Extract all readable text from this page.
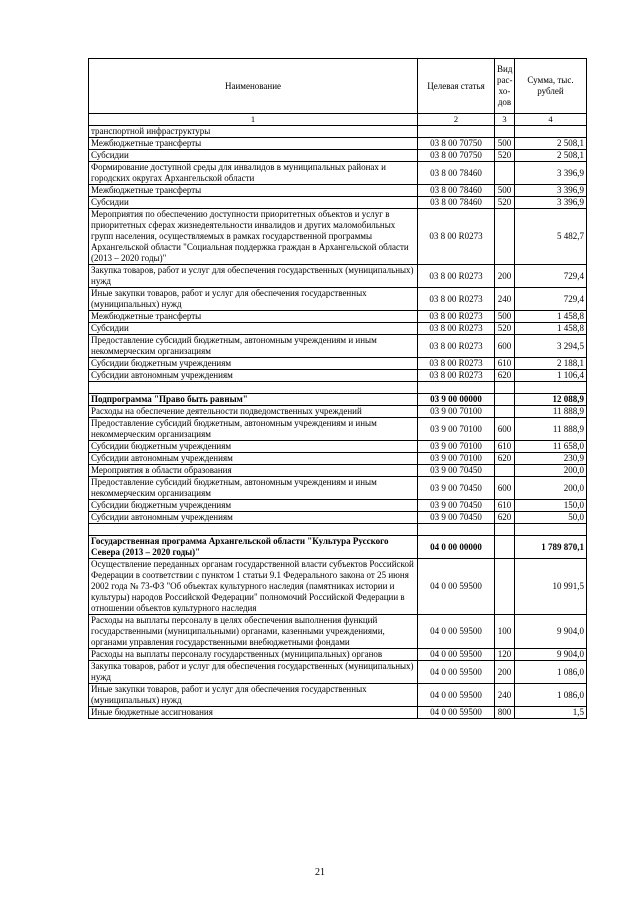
Наименование	Целевая статья	Вид рас- хо- дов	Сумма, тыс. рублей
1	2	3	4
транспортной инфраструктуры			
Межбюджетные трансферты	03 8 00 70750	500	2 508,1
Субсидии	03 8 00 70750	520	2 508,1
Формирование доступной среды для инвалидов в муниципальных районах и городских округах Архангельской области	03 8 00 78460		3 396,9
Межбюджетные трансферты	03 8 00 78460	500	3 396,9
Субсидии	03 8 00 78460	520	3 396,9
Мероприятия по обеспечению доступности приоритетных объектов и услуг в приоритетных сферах жизнедеятельности инвалидов и других маломобильных групп населения, осуществляемых в рамках государственной программы Архангельской области "Социальная поддержка граждан в Архангельской области (2013 – 2020 годы)"	03 8 00 R0273		5 482,7
Закупка товаров, работ и услуг для обеспечения государственных (муниципальных) нужд	03 8 00 R0273	200	729,4
Иные закупки товаров, работ и услуг для обеспечения государственных (муниципальных) нужд	03 8 00 R0273	240	729,4
Межбюджетные трансферты	03 8 00 R0273	500	1 458,8
Субсидии	03 8 00 R0273	520	1 458,8
Предоставление субсидий бюджетным, автономным учреждениям и иным некоммерческим организациям	03 8 00 R0273	600	3 294,5
Субсидии бюджетным учреждениям	03 8 00 R0273	610	2 188,1
Субсидии автономным учреждениям	03 8 00 R0273	620	1 106,4

Подпрограмма "Право быть равным"	03 9 00 00000		12 088,9
Расходы на обеспечение деятельности подведомственных учреждений	03 9 00 70100		11 888,9
Предоставление субсидий бюджетным, автономным учреждениям и иным некоммерческим организациям	03 9 00 70100	600	11 888,9
Субсидии бюджетным учреждениям	03 9 00 70100	610	11 658,0
Субсидии автономным учреждениям	03 9 00 70100	620	230,9
Мероприятия в области образования	03 9 00 70450		200,0
Предоставление субсидий бюджетным, автономным учреждениям и иным некоммерческим организациям	03 9 00 70450	600	200,0
Субсидии бюджетным учреждениям	03 9 00 70450	610	150,0
Субсидии автономным учреждениям	03 9 00 70450	620	50,0

Государственная программа Архангельской области "Культура Русского Севера (2013 – 2020 годы)"	04 0 00 00000		1 789 870,1
Осуществление переданных органам государственной власти субъектов Российской Федерации в соответствии с пунктом 1 статьи 9.1 Федерального закона от 25 июня 2002 года № 73-ФЗ "Об объектах культурного наследия (памятниках истории и культуры) народов Российской Федерации" полномочий Российской Федерации в отношении объектов культурного наследия	04 0 00 59500		10 991,5
Расходы на выплаты персоналу в целях обеспечения выполнения функций государственными (муниципальными) органами, казенными учреждениями, органами управления государственными внебюджетными фондами	04 0 00 59500	100	9 904,0
Расходы на выплаты персоналу государственных (муниципальных) органов	04 0 00 59500	120	9 904,0
Закупка товаров, работ и услуг для обеспечения государственных (муниципальных) нужд	04 0 00 59500	200	1 086,0
Иные закупки товаров, работ и услуг для обеспечения государственных (муниципальных) нужд	04 0 00 59500	240	1 086,0
Иные бюджетные ассигнования	04 0 00 59500	800	1,5
21
